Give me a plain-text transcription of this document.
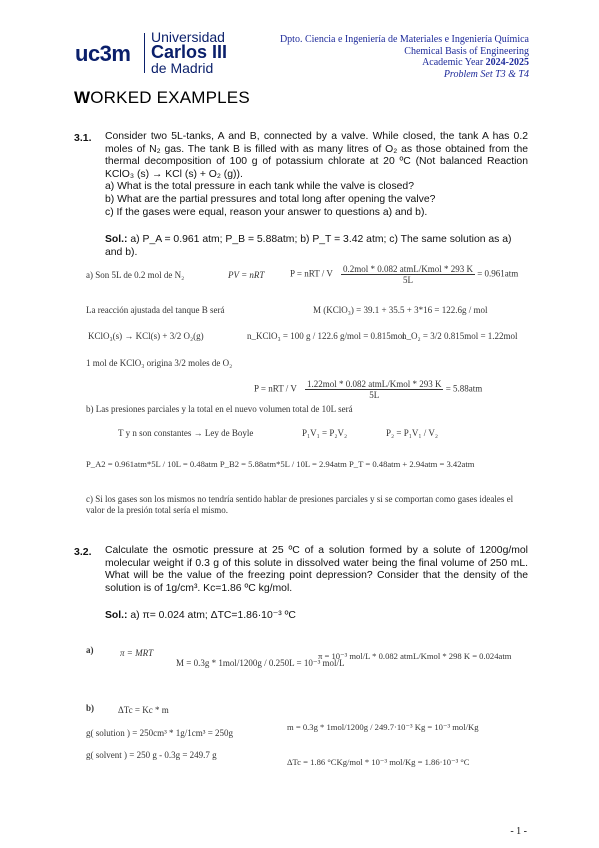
uc3m
Universidad
Carlos III
de Madrid
Dpto. Ciencia e Ingeniería de Materiales e Ingeniería Química
Chemical Basis of Engineering
Academic Year 2024-2025
Problem Set T3 & T4
WORKED EXAMPLES
3.1. Consider two 5L-tanks, A and B, connected by a valve. While closed, the tank A has 0.2 moles of N₂ gas. The tank B is filled with as many litres of O₂ as those obtained from the thermal decomposition of 100 g of potassium chlorate at 20 ºC (Not balanced Reaction KClO₃ (s) → KCl (s) + O₂ (g)).
a) What is the total pressure in each tank while the valve is closed?
b) What are the partial pressures and total long after opening the valve?
c) If the gases were equal, reason your answer to questions a) and b).
Sol.: a) P_A = 0.961 atm; P_B = 5.88atm; b) P_T = 3.42 atm; c) The same solution as a) and b).
a) Son 5L de 0.2 mol de N₂	PV = nRT	P = nRT / V $\frac{\text{0.2mol * 0.082 atmL/Kmol * 293 K}}{5L} = 0.961atm$
La reacción ajustada del tanque B será	M (KClO₃) = 39.1 + 35.5 + 3*16 = 122.6g / mol
KClO₃(s) → KCl(s) + 3/2 O₂(g)	n_KClO₃ = 100 g / 122.6 g/mol = 0.815mol
n_O₂ = 3/2 0.815mol = 1.22mol
1 mol de KClO₃ origina 3/2 moles de O₂
P = nRT / V $\frac{\text{1.22mol * 0.082 atmL/Kmol * 293 K}}{5L} = 5.88atm$
b) Las presiones parciales y la total en el nuevo volumen total de 10L será
T y n son constantes → Ley de Boyle	P₁V₁ = P₂V₂	P₂ = P₁V₁ / V₂
P_A2 = 0.961atm*5L / 10L = 0.48atm P_B2 = 5.88atm*5L / 10L = 2.94atm P_T = 0.48atm + 2.94atm = 3.42atm
c) Si los gases son los mismos no tendría sentido hablar de presiones parciales y si se comportan como gases ideales el valor de la presión total sería el mismo.
3.2. Calculate the osmotic pressure at 25 ºC of a solution formed by a solute of 1200g/mol molecular weight if 0.3 g of this solute in dissolved water being the final volume of 250 mL. What will be the value of the freezing point depression? Consider that the density of the solution is of 1g/cm³. Kc=1.86 ºC kg/mol.
Sol.: a) π= 0.024 atm; ΔTC=1.86·10⁻³ ºC
a)	π = MRT
M = 0.3g * 1mol/1200g / 0.250L = 10⁻³ mol/L
π = 10⁻³ mol/L * 0.082 atmL/Kmol * 298 K = 0.024atm
b)	ΔTc = Kc * m
g( solution ) = 250cm³ * 1g/1cm³ = 250g
g( solvent ) = 250 g - 0.3g = 249.7 g
m = 0.3g * 1mol/1200g / 249.7·10⁻³ Kg = 10⁻³ mol/Kg
ΔTc = 1.86 °CKg/mol * 10⁻³ mol/Kg = 1.86·10⁻³ °C
- 1 -
